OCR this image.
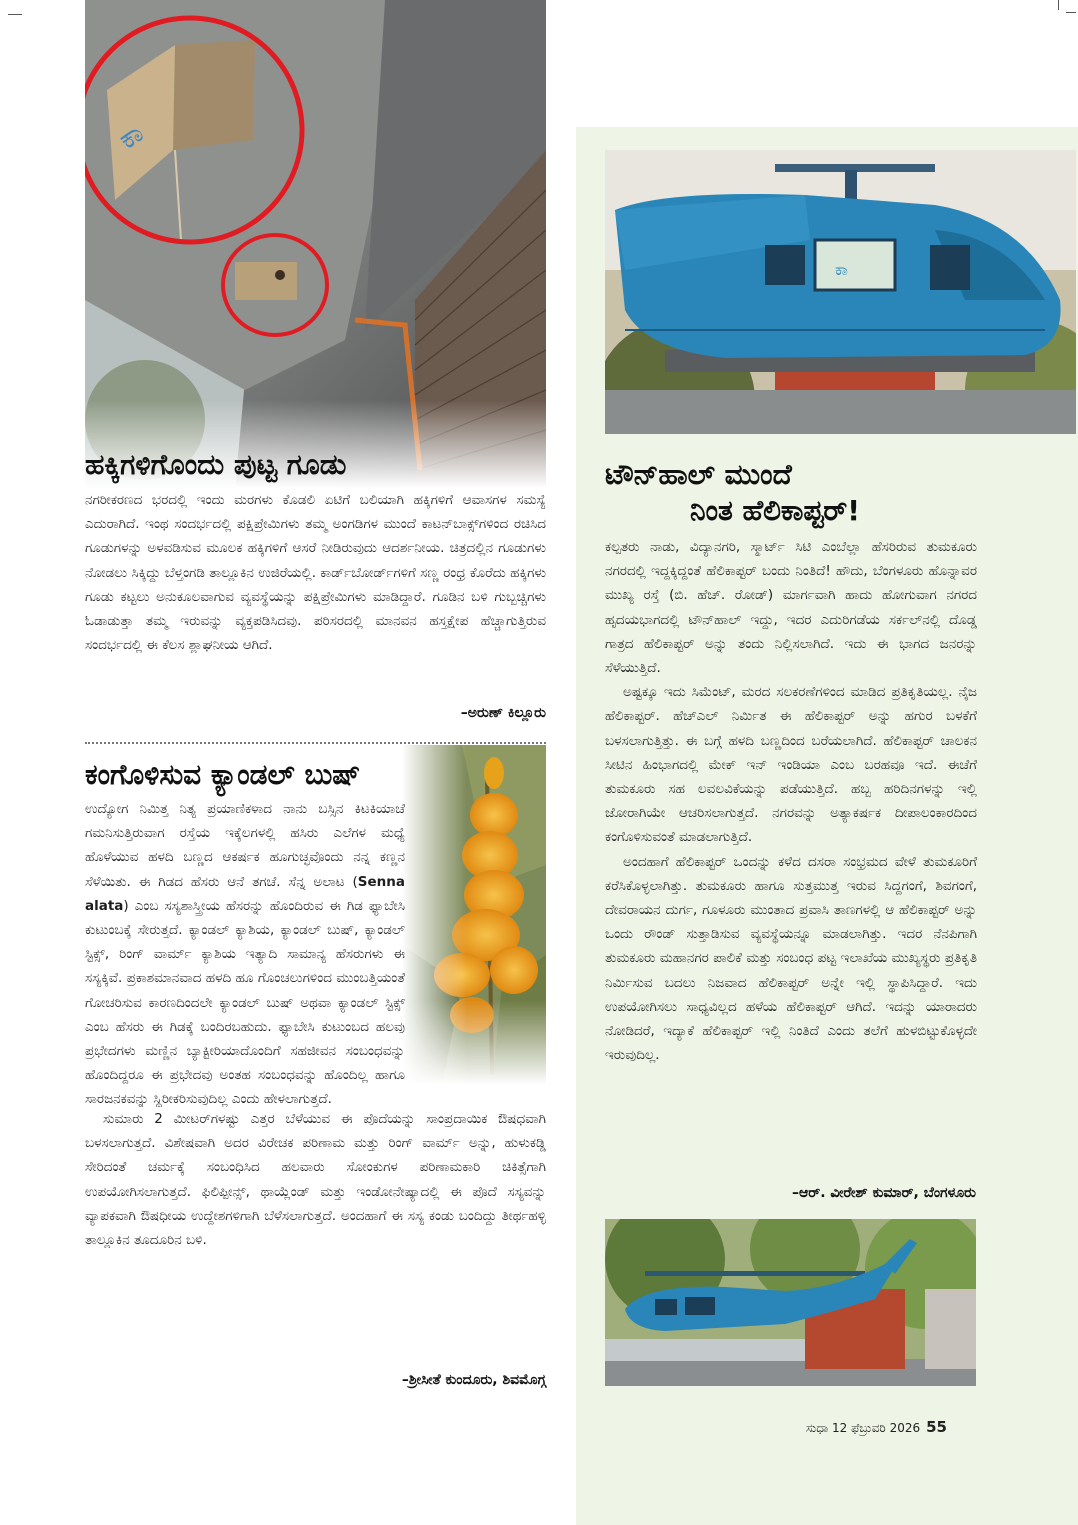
ಕಾ
ಹಕ್ಕಿಗಳಿಗೊಂದು ಪುಟ್ಟ ಗೂಡು

ನಗರೀಕರಣದ ಭರದಲ್ಲಿ ಇಂದು ಮರಗಳು ಕೊಡಲಿ ಏಟಿಗೆ ಬಲಿಯಾಗಿ ಹಕ್ಕಿಗಳಿಗೆ ಆವಾಸಗಳ ಸಮಸ್ಯೆ ಎದುರಾಗಿದೆ. ಇಂಥ ಸಂದರ್ಭದಲ್ಲಿ ಪಕ್ಷಿಪ್ರೇಮಿಗಳು ತಮ್ಮ ಅಂಗಡಿಗಳ ಮುಂದೆ ಕಾಟನ್‌ಬಾಕ್ಸ್‌ಗಳಿಂದ ರಚಿಸಿದ ಗೂಡುಗಳನ್ನು ಅಳವಡಿಸುವ ಮೂಲಕ ಹಕ್ಕಿಗಳಿಗೆ ಆಸರೆ ನೀಡಿರುವುದು ಆದರ್ಶನೀಯ. ಚಿತ್ರದಲ್ಲಿನ ಗೂಡುಗಳು ನೋಡಲು ಸಿಕ್ಕಿದ್ದು ಬೆಳ್ತಂಗಡಿ ತಾಲ್ಲೂಕಿನ ಉಜಿರೆಯಲ್ಲಿ. ಕಾರ್ಡ್‌ಬೋರ್ಡ್‌ಗಳಿಗೆ ಸಣ್ಣ ರಂಧ್ರ ಕೊರೆದು ಹಕ್ಕಿಗಳು ಗೂಡು ಕಟ್ಟಲು ಅನುಕೂಲವಾಗುವ ವ್ಯವಸ್ಥೆಯನ್ನು ಪಕ್ಷಿಪ್ರೇಮಿಗಳು ಮಾಡಿದ್ದಾರೆ. ಗೂಡಿನ ಬಳಿ ಗುಬ್ಬಚ್ಚಿಗಳು ಓಡಾಡುತ್ತಾ ತಮ್ಮ ಇರುವನ್ನು ವ್ಯಕ್ತಪಡಿಸಿದವು. ಪರಿಸರದಲ್ಲಿ ಮಾನವನ ಹಸ್ತಕ್ಷೇಪ ಹೆಚ್ಚಾಗುತ್ತಿರುವ ಸಂದರ್ಭದಲ್ಲಿ ಈ ಕೆಲಸ ಶ್ಲಾಘನೀಯ ಆಗಿದೆ.

–ಅರುಣ್ ಕಿಲ್ಲೂರು
ಕಂಗೊಳಿಸುವ ಕ್ಯಾಂಡಲ್ ಬುಷ್

ಉದ್ಯೋಗ ನಿಮಿತ್ತ ನಿತ್ಯ ಪ್ರಯಾಣಿಕಳಾದ ನಾನು ಬಸ್ಸಿನ ಕಿಟಕಿಯಾಚೆ ಗಮನಿಸುತ್ತಿರುವಾಗ ರಸ್ತೆಯ ಇಕ್ಕೆಲಗಳಲ್ಲಿ ಹಸಿರು ಎಲೆಗಳ ಮಧ್ಯೆ ಹೊಳೆಯುವ ಹಳದಿ ಬಣ್ಣದ ಆಕರ್ಷಕ ಹೂಗುಚ್ಛವೊಂದು ನನ್ನ ಕಣ್ಣನ ಸೆಳೆಯಿತು. ಈ ಗಿಡದ ಹೆಸರು ಆನೆ ತಗಚೆ. ಸೆನ್ನ ಅಲಾಟ (Senna alata) ಎಂಬ ಸಸ್ಯಶಾಸ್ತ್ರೀಯ ಹೆಸರನ್ನು ಹೊಂದಿರುವ ಈ ಗಿಡ ಫ್ಯಾಬೇಸಿ ಕುಟುಂಬಕ್ಕೆ ಸೇರುತ್ತದೆ. ಕ್ಯಾಂಡಲ್ ಕ್ಯಾಶಿಯ, ಕ್ಯಾಂಡಲ್ ಬುಷ್, ಕ್ಯಾಂಡಲ್ ಸ್ಟಿಕ್ಸ್, ರಿಂಗ್ ವಾರ್ಮ್ ಕ್ಯಾಶಿಯ ಇತ್ಯಾದಿ ಸಾಮಾನ್ಯ ಹೆಸರುಗಳು ಈ ಸಸ್ಯಕ್ಕಿವೆ. ಪ್ರಕಾಶಮಾನವಾದ ಹಳದಿ ಹೂ ಗೊಂಚಲುಗಳಿಂದ ಮುಂಬತ್ತಿಯಂತೆ ಗೋಚರಿಸುವ ಕಾರಣದಿಂದಲೇ ಕ್ಯಾಂಡಲ್ ಬುಷ್ ಅಥವಾ ಕ್ಯಾಂಡಲ್ ಸ್ಟಿಕ್ಸ್ ಎಂಬ ಹೆಸರು ಈ ಗಿಡಕ್ಕೆ ಬಂದಿರಬಹುದು. ಫ್ಯಾಬೇಸಿ ಕುಟುಂಬದ ಹಲವು ಪ್ರಭೇದಗಳು ಮಣ್ಣಿನ ಬ್ಯಾಕ್ಟೀರಿಯಾದೊಂದಿಗೆ ಸಹಜೀವನ ಸಂಬಂಧವನ್ನು ಹೊಂದಿದ್ದರೂ ಈ ಪ್ರಭೇದವು ಅಂತಹ ಸಂಬಂಧವನ್ನು ಹೊಂದಿಲ್ಲ ಹಾಗೂ ಸಾರಜನಕವನ್ನು ಸ್ಥಿರೀಕರಿಸುವುದಿಲ್ಲ ಎಂದು ಹೇಳಲಾಗುತ್ತದೆ.

ಸುಮಾರು 2 ಮೀಟರ್‌ಗಳಷ್ಟು ಎತ್ತರ ಬೆಳೆಯುವ ಈ ಪೊದೆಯನ್ನು ಸಾಂಪ್ರದಾಯಿಕ ಔಷಧವಾಗಿ ಬಳಸಲಾಗುತ್ತದೆ. ವಿಶೇಷವಾಗಿ ಅದರ ವಿರೇಚಕ ಪರಿಣಾಮ ಮತ್ತು ರಿಂಗ್ ವಾರ್ಮ್ ಅನ್ನು, ಹುಳುಕಡ್ಡಿ ಸೇರಿದಂತೆ ಚರ್ಮಕ್ಕೆ ಸಂಬಂಧಿಸಿದ ಹಲವಾರು ಸೋಂಕುಗಳ ಪರಿಣಾಮಕಾರಿ ಚಿಕಿತ್ಸೆಗಾಗಿ ಉಪಯೋಗಿಸಲಾಗುತ್ತದೆ. ಫಿಲಿಪ್ಪೀನ್ಸ್, ಥಾಯ್ಲೆಂಡ್ ಮತ್ತು ಇಂಡೋನೇಷ್ಯಾದಲ್ಲಿ ಈ ಪೊದೆ ಸಸ್ಯವನ್ನು ವ್ಯಾಪಕವಾಗಿ ಔಷಧೀಯ ಉದ್ದೇಶಗಳಿಗಾಗಿ ಬೆಳೆಸಲಾಗುತ್ತದೆ. ಅಂದಹಾಗೆ ಈ ಸಸ್ಯ ಕಂಡು ಬಂದಿದ್ದು ತೀರ್ಥಹಳ್ಳಿ ತಾಲ್ಲೂಕಿನ ತೂದೂರಿನ ಬಳಿ.

–ಶ್ರೀಸೀತೆ ಕುಂದೂರು, ಶಿವಮೊಗ್ಗ
ಕಾ
ಟೌನ್‌ಹಾಲ್ ಮುಂದೆ
ನಿಂತ ಹೆಲಿಕಾಪ್ಟರ್!

ಕಲ್ಪತರು ನಾಡು, ವಿದ್ಯಾನಗರಿ, ಸ್ಮಾರ್ಟ್ ಸಿಟಿ ಎಂಬೆಲ್ಲಾ ಹೆಸರಿರುವ ತುಮಕೂರು ನಗರದಲ್ಲಿ ಇದ್ದಕ್ಕಿದ್ದಂತೆ ಹೆಲಿಕಾಪ್ಟರ್ ಬಂದು ನಿಂತಿದೆ! ಹೌದು, ಬೆಂಗಳೂರು ಹೊನ್ನಾವರ ಮುಖ್ಯ ರಸ್ತೆ (ಬಿ. ಹೆಚ್. ರೋಡ್) ಮಾರ್ಗವಾಗಿ ಹಾದು ಹೋಗುವಾಗ ನಗರದ ಹೃದಯಭಾಗದಲ್ಲಿ ಟೌನ್‌ಹಾಲ್ ಇದ್ದು, ಇದರ ಎದುರಿಗಡೆಯ ಸರ್ಕಲ್‌ನಲ್ಲಿ ದೊಡ್ಡ ಗಾತ್ರದ ಹೆಲಿಕಾಪ್ಟರ್ ಅನ್ನು ತಂದು ನಿಲ್ಲಿಸಲಾಗಿದೆ. ಇದು ಈ ಭಾಗದ ಜನರನ್ನು ಸೆಳೆಯುತ್ತಿದೆ.

ಅಷ್ಟಕ್ಕೂ ಇದು ಸಿಮೆಂಟ್, ಮರದ ಸಲಕರಣೆಗಳಿಂದ ಮಾಡಿದ ಪ್ರತಿಕೃತಿಯಲ್ಲ. ನೈಜ ಹೆಲಿಕಾಪ್ಟರ್. ಹೆಚ್‌ಎಲ್ ನಿರ್ಮಿತ ಈ ಹೆಲಿಕಾಪ್ಟರ್ ಅನ್ನು ಹಗುರ ಬಳಕೆಗೆ ಬಳಸಲಾಗುತ್ತಿತ್ತು. ಈ ಬಗ್ಗೆ ಹಳದಿ ಬಣ್ಣದಿಂದ ಬರೆಯಲಾಗಿದೆ. ಹೆಲಿಕಾಪ್ಟರ್ ಚಾಲಕನ ಸೀಟಿನ ಹಿಂಭಾಗದಲ್ಲಿ ಮೇಕ್ ಇನ್ ಇಂಡಿಯಾ ಎಂಬ ಬರಹವೂ ಇದೆ. ಈಚೆಗೆ ತುಮಕೂರು ಸಹ ಲವಲವಿಕೆಯನ್ನು ಪಡೆಯುತ್ತಿದೆ. ಹಬ್ಬ ಹರಿದಿನಗಳನ್ನು ಇಲ್ಲಿ ಜೋರಾಗಿಯೇ ಆಚರಿಸಲಾಗುತ್ತದೆ. ನಗರವನ್ನು ಅತ್ಯಾಕರ್ಷಕ ದೀಪಾಲಂಕಾರದಿಂದ ಕಂಗೊಳಿಸುವಂತೆ ಮಾಡಲಾಗುತ್ತಿದೆ.

ಅಂದಹಾಗೆ ಹೆಲಿಕಾಪ್ಟರ್ ಒಂದನ್ನು ಕಳೆದ ದಸರಾ ಸಂಭ್ರಮದ ವೇಳೆ ತುಮಕೂರಿಗೆ ಕರೆಸಿಕೊಳ್ಳಲಾಗಿತ್ತು. ತುಮಕೂರು ಹಾಗೂ ಸುತ್ತಮುತ್ತ ಇರುವ ಸಿದ್ದಗಂಗೆ, ಶಿವಗಂಗೆ, ದೇವರಾಯನ ದುರ್ಗ, ಗೂಳೂರು ಮುಂತಾದ ಪ್ರವಾಸಿ ತಾಣಗಳಲ್ಲಿ ಆ ಹೆಲಿಕಾಪ್ಟರ್ ಅನ್ನು ಒಂದು ರೌಂಡ್ ಸುತ್ತಾಡಿಸುವ ವ್ಯವಸ್ಥೆಯನ್ನೂ ಮಾಡಲಾಗಿತ್ತು. ಇದರ ನೆನಪಿಗಾಗಿ ತುಮಕೂರು ಮಹಾನಗರ ಪಾಲಿಕೆ ಮತ್ತು ಸಂಬಂಧ ಪಟ್ಟ ಇಲಾಖೆಯ ಮುಖ್ಯಸ್ಥರು ಪ್ರತಿಕೃತಿ ನಿರ್ಮಿಸುವ ಬದಲು ನಿಜವಾದ ಹೆಲಿಕಾಪ್ಟರ್ ಅನ್ನೇ ಇಲ್ಲಿ ಸ್ಥಾಪಿಸಿದ್ದಾರೆ. ಇದು ಉಪಯೋಗಿಸಲು ಸಾಧ್ಯವಿಲ್ಲದ ಹಳೆಯ ಹೆಲಿಕಾಪ್ಟರ್ ಆಗಿದೆ. ಇದನ್ನು ಯಾರಾದರು ನೋಡಿದರೆ, ಇದ್ಯಾಕೆ ಹೆಲಿಕಾಪ್ಟರ್ ಇಲ್ಲಿ ನಿಂತಿದೆ ಎಂದು ತಲೆಗೆ ಹುಳಬಿಟ್ಟುಕೊಳ್ಳದೇ ಇರುವುದಿಲ್ಲ.

–ಆರ್. ವೀರೇಶ್ ಕುಮಾರ್, ಬೆಂಗಳೂರು
ಸುಧಾ 12 ಫೆಬ್ರುವರಿ 2026 55
